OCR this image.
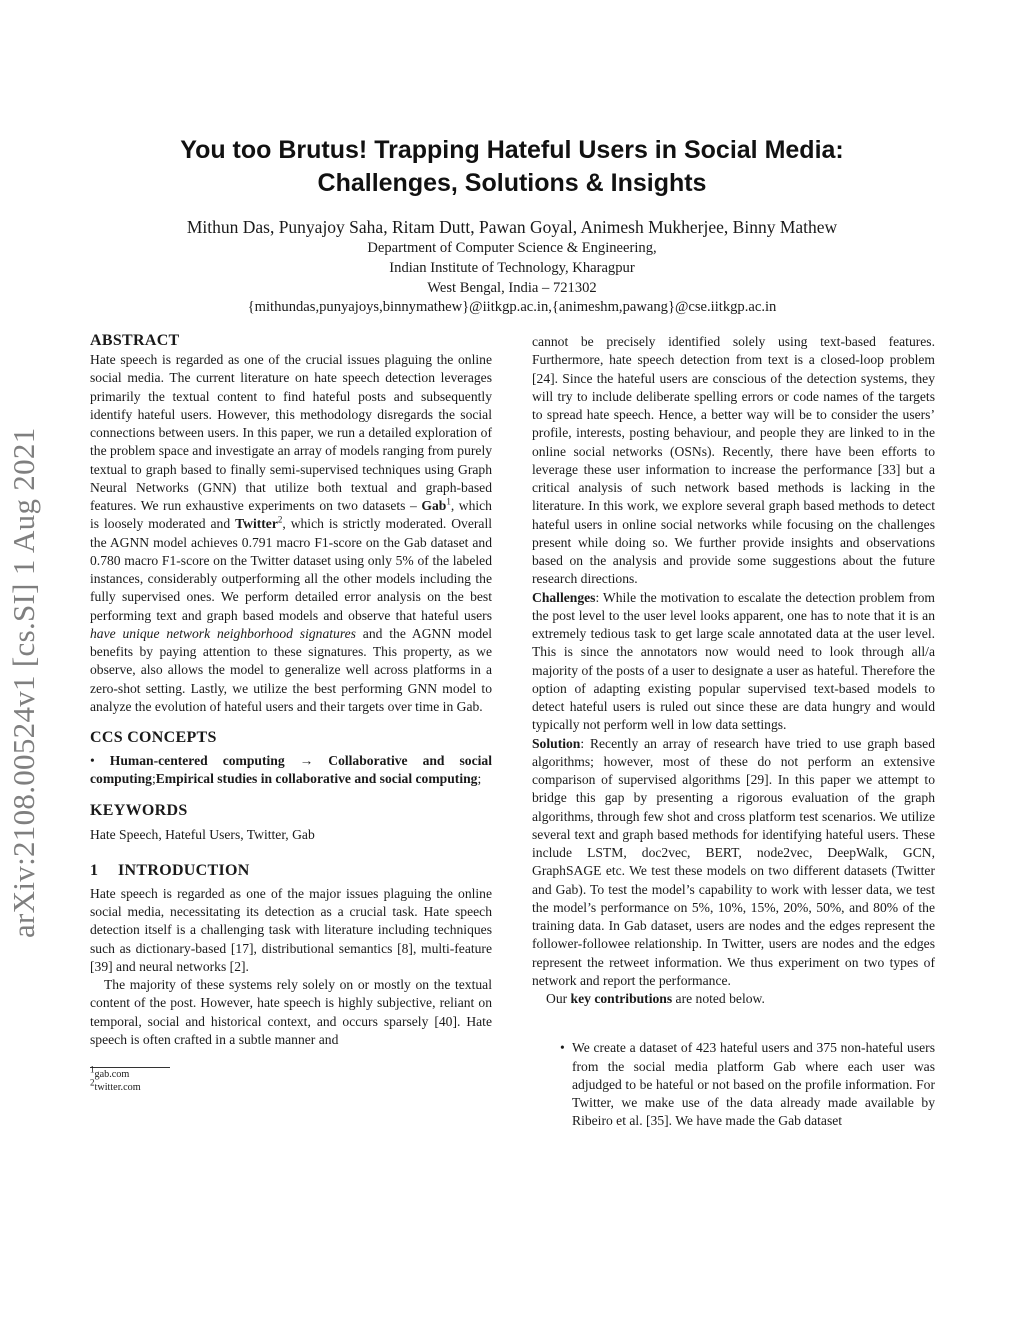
arXiv:2108.00524v1 [cs.SI] 1 Aug 2021
You too Brutus! Trapping Hateful Users in Social Media:
Challenges, Solutions & Insights
Mithun Das, Punyajoy Saha, Ritam Dutt, Pawan Goyal, Animesh Mukherjee, Binny Mathew
Department of Computer Science & Engineering,
Indian Institute of Technology, Kharagpur
West Bengal, India – 721302
{mithundas,punyajoys,binnymathew}@iitkgp.ac.in,{animeshm,pawang}@cse.iitkgp.ac.in
ABSTRACT

Hate speech is regarded as one of the crucial issues plaguing the online social media. The current literature on hate speech detection leverages primarily the textual content to find hateful posts and subsequently identify hateful users. However, this methodology disregards the social connections between users. In this paper, we run a detailed exploration of the problem space and investigate an array of models ranging from purely textual to graph based to finally semi-supervised techniques using Graph Neural Networks (GNN) that utilize both textual and graph-based features. We run exhaustive experiments on two datasets – Gab$^1$, which is loosely moderated and Twitter$^2$, which is strictly moderated. Overall the AGNN model achieves 0.791 macro F1-score on the Gab dataset and 0.780 macro F1-score on the Twitter dataset using only 5% of the labeled instances, considerably outperforming all the other models including the fully supervised ones. We perform detailed error analysis on the best performing text and graph based models and observe that hateful users have unique network neighborhood signatures and the AGNN model benefits by paying attention to these signatures. This property, as we observe, also allows the model to generalize well across platforms in a zero-shot setting. Lastly, we utilize the best performing GNN model to analyze the evolution of hateful users and their targets over time in Gab.

CCS CONCEPTS

• Human-centered computing → Collaborative and social computing;Empirical studies in collaborative and social computing;

KEYWORDS

Hate Speech, Hateful Users, Twitter, Gab

1 INTRODUCTION

Hate speech is regarded as one of the major issues plaguing the online social media, necessitating its detection as a crucial task. Hate speech detection itself is a challenging task with literature including techniques such as dictionary-based [17], distributional semantics [8], multi-feature [39] and neural networks [2].

The majority of these systems rely solely on or mostly on the textual content of the post. However, hate speech is highly subjective, reliant on temporal, social and historical context, and occurs sparsely [40]. Hate speech is often crafted in a subtle manner and

$^1$gab.com
$^2$twitter.com

cannot be precisely identified solely using text-based features. Furthermore, hate speech detection from text is a closed-loop problem [24]. Since the hateful users are conscious of the detection systems, they will try to include deliberate spelling errors or code names of the targets to spread hate speech. Hence, a better way will be to consider the users’ profile, interests, posting behaviour, and people they are linked to in the online social networks (OSNs). Recently, there have been efforts to leverage these user information to increase the performance [33] but a critical analysis of such network based methods is lacking in the literature. In this work, we explore several graph based methods to detect hateful users in online social networks while focusing on the challenges present while doing so. We further provide insights and observations based on the analysis and provide some suggestions about the future research directions.

Challenges: While the motivation to escalate the detection problem from the post level to the user level looks apparent, one has to note that it is an extremely tedious task to get large scale annotated data at the user level. This is since the annotators now would need to look through all/a majority of the posts of a user to designate a user as hateful. Therefore the option of adapting existing popular supervised text-based models to detect hateful users is ruled out since these are data hungry and would typically not perform well in low data settings.

Solution: Recently an array of research have tried to use graph based algorithms; however, most of these do not perform an extensive comparison of supervised algorithms [29]. In this paper we attempt to bridge this gap by presenting a rigorous evaluation of the graph algorithms, through few shot and cross platform test scenarios. We utilize several text and graph based methods for identifying hateful users. These include LSTM, doc2vec, BERT, node2vec, DeepWalk, GCN, GraphSAGE etc. We test these models on two different datasets (Twitter and Gab). To test the model’s capability to work with lesser data, we test the model’s performance on 5%, 10%, 15%, 20%, 50%, and 80% of the training data. In Gab dataset, users are nodes and the edges represent the follower-followee relationship. In Twitter, users are nodes and the edges represent the retweet information. We thus experiment on two types of network and report the performance.

Our key contributions are noted below.

• We create a dataset of 423 hateful users and 375 non-hateful users from the social media platform Gab where each user was adjudged to be hateful or not based on the profile information. For Twitter, we make use of the data already made available by Ribeiro et al. [35]. We have made the Gab dataset
